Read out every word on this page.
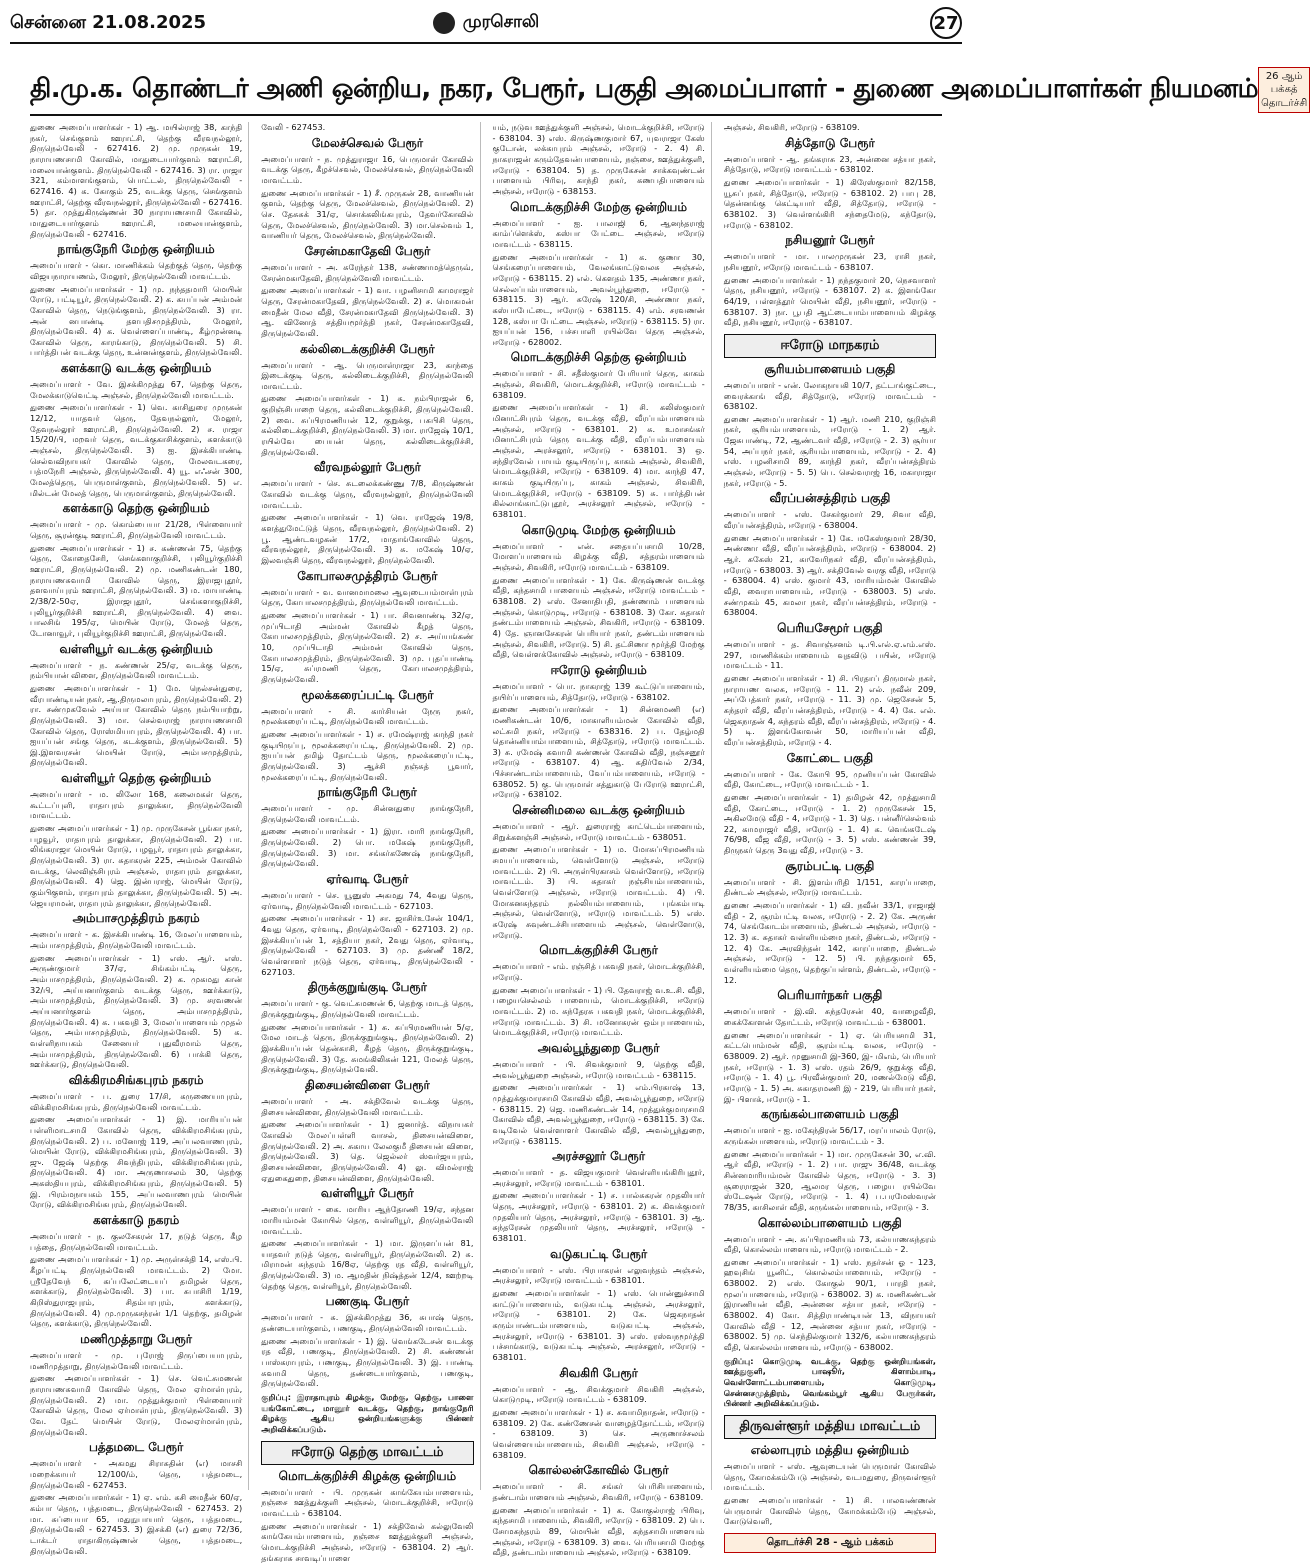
சென்னை 21.08.2025	முரசொலி	27
தி.மு.க. தொண்டர் அணி ஒன்றிய, நகர, பேரூர், பகுதி அமைப்பாளர் - துணை அமைப்பாளர்கள் நியமனம் 26 ஆம் பக்கத் தொடர்ச்சி
துணை அமைப்பாளர்கள் - 1) ஆ. மயில்ராஜ் 38, காந்தி நகர், செங்குளம் ஊராட்சி, தெற்கு வீரவநல்லூர், திருநெல்வேலி - 627416. 2) மு. முருகன் 19, நாராயணசாமி கோவில், மாதுடையார்குளம் ஊராட்சி, மலையான்குளம். திருநெல்வேலி - 627416. 3) ரா. ராஜா 321, கம்மாளங்குளம், பொட்டல், திருநெல்வேலி - 627416. 4) க. கோகும் 25, வடக்கு தெரு, செங்குளம் ஊராட்சி, தெற்கு வீரவநல்லூர், திருநெல்வேலி - 627416. 5) தா. முத்துகிருஷ்ணன் 30 நாராயணசாமி கோவில், மாதுடையார்குளம் ஊராட்சி, மலையான்குளம், திருநெல்வேலி - 627416.
நாங்குநேரி மேற்கு ஒன்றியம்
அமைப்பாளர் - கொ. மாணிக்கம் தெற்குத் தெரு, தெற்கு விஜயநாராயணம், மேலூர், திருநெல்வேலி மாவட்டம்.
துணை அமைப்பாளர்கள் - 1) மு. நந்ததமாரி மெயின் ரோடு, பட்டியூர், திருநெல்வேலி. 2) க. கயப்பன் அம்மன் கோவில் தெரு, நெடுங்குளம், திருநெல்வேலி. 3) ரா. அன் னபாண்டி தளபதிசமுத்திரம், மேலூர், திருநெல்வேலி. 4) க. வெள்ளைப்பாண்டி, கீழ்முன்னடி கோவில் தெரு, காரங்காடு, திருநெல்வேலி. 5) சி. பார்த்திபன் வடக்கு தெரு, உன்னன்குளம், திருநெல்வேலி.
களக்காடு வடக்கு ஒன்றியம்
அமைப்பாளர் - வே. இசக்கிமுத்து 67, தெற்கு தெரு, மேலக்காடுவெட்டி அஞ்சல், திருநெல்வேலி மாவட்டம்.
துணை அமைப்பாளர்கள் - 1) வெ. காசிதுரை முருகன் 12/12, யாதவர் தெரு, தேவநல்லூர், மேலூர், தேவநல்லூர் ஊராட்சி, திருநெல்வேலி. 2) ச. ராஜா 15/20/பி, மறவர் தெரு, வடக்குகாசிக்குளம், களக்காடு அஞ்சல், திருநெல்வேலி. 3) ஐ. இசக்கிபாண்டி செல்வவிநாயகர் கோவில் தெரு, மேலவடகரை, பத்மநேரி அஞ்சல், திருநெல்வேலி. 4) யூ. எஃசன் 300, மேலத்தெரு, பெருமாள்குளம், திருநெல்வேலி. 5) எ. மில்டன் மேலத் தெரு, பெருமாள்குளம், திருநெல்வேலி.
களக்காடு தெற்கு ஒன்றியம்
அமைப்பாளர் - மு. கொம்பையா 21/28, பிள்ளையார் தெரு, சூரன்குடி ஊராட்சி, திருநெல்வேலி மாவட்டம்.
துணை அமைப்பாளர்கள் - 1) ச. கண்ணன் 75, தெற்கு தெரு, கோதைசேரி, செங்களாகுறிச்சி, புலியூர்குறிச்சி ஊராட்சி, திருநெல்வேலி. 2) மு. மணிகண்டன் 180, நாராயணசுவாமி கோவில் தெரு, இராஜபுதூர், தளவாய்புரம் ஊராட்சி, திருநெல்வேலி. 3) ம. மாயாண்டி 2/38/2-50ஏ, இராஜபுதூர், செங்களாகுறிச்சி, புலியூர்குறிச்சி ஊராட்சி, திருநெல்வேலி. 4) வை. பாலசிங் 195/ஏ, மெயின் ரோடு, மேலத் தெரு, டோனாவூர், புலியூர்குறிச்சி ஊராட்சி, திருநெல்வேலி.
வள்ளியூர் வடக்கு ஒன்றியம்
அமைப்பாளர் - ந. கண்ணன் 25/ஏ, வடக்கு தெரு, நம்பியான் விளை, திருநெல்வேலி மாவட்டம்.
துணை அமைப்பாளர்கள் - 1) மே. நெல்சன்துரை, வீரபாண்டியன் நகர், ஆ.திருமலாபுரம், திருநெல்வேலி. 2) ரா. சண்முகவேல் அய்யா கோவில் தெரு நம்பியாற்று, திருநெல்வேலி. 3) மா. செல்வராஜ் நாராயணசாமி கோவில் தெரு, ரோஸ்மியாபுரம், திருநெல்வேலி. 4) பா. ஐயப்பன் சங்கு தெரு, கடக்குளம், திருநெல்வேலி. 5) இ.இளவரசன் மெயின் ரோடு, அம்பசமுத்திரம், திருநெல்வேலி.
வள்ளியூர் தெற்கு ஒன்றியம்
அமைப்பாளர் - ம. லிலோ 168, கலைமகள் தெரு, கூட்டப்புளி, ராதாபுரம் தாலுக்கா, திருநெல்வேலி மாவட்டம்.
துணை அமைப்பாளர்கள் - 1) மு. முருகேசன் பூங்கா நகர், பழவூர், ராதாபுரம் தாலுக்கா, திருநெல்வேலி. 2) பா. லிங்கராஜா மெயின் ரோடு, பழவூர், ராதாபுரம் தாலுக்கா, திருநெல்வேலி. 3) ரா. சுதாகரன் 225, அம்மன் கோவில் வடக்கு, லெவிஞ்சிபுரம் அஞ்சல், ராதாபுரம் தாலுக்கா, திருநெல்வேலி. 4) ஜெ. இன்பராஜ், மெயின் ரோடு, கும்பிகுளம், ராதாபுரம் தாலுக்கா, திருநெல்வேலி. 5) அ. ஜெயராமன், ராதாபுரம் தாலுக்கா, திருநெல்வேலி.
அம்பாசமுத்திரம் நகரம்
அமைப்பாளர் - க. இசக்கிபாண்டி 16, மேலப்பாளையம், அம்பாசமுத்திரம், திருநெல்வேலி மாவட்டம்.
துணை அமைப்பாளர்கள் - 1) எஸ். ஆர். எஸ். அருண்குமார் 37/ஏ, சிங்கம்பட்டி தெரு, அம்பாசமுத்திரம், திருநெல்வேலி. 2) க. முகமது கான் 32/பி, அய்யனார்குளம் வடக்கு தெரு, ஊர்க்காடு, அம்பாசமுத்திரம், திருநெல்வேலி. 3) மு. சரவணன் அய்யனார்குளம் தெரு, அம்பாசமுத்திரம், திருநெல்வேலி. 4) க. பகவதி 3, மேலப்பாளையம் முதல் தெரு, அம்பாசமுத்திரம், திருநெல்வேலி. 5) க. வள்ளிநாயகம் சேனையர் புதுவீரமாம் தெரு, அம்பாசமுத்திரம், திருநெல்வேலி. 6) பாக்கி தெரு, ஊர்க்காடு, திருநெல்வேலி.
விக்கிரமசிங்கபுரம் நகரம்
அமைப்பாளர் - ப. துரை 17/சி, கருணையாபுரம், விக்கிரமசிங்கபுரம், திருநெல்வேலி மாவட்டம்.
துணை அமைப்பாளர்கள் - 1) இ. மாரியப்பன் பள்ளிமாடசாமி கோவில் தெரு, விக்கிரமசிங்கபுரம், திருநெல்வேலி. 2) ப. மனோஜ் 119, அப்பலவாணபுரம், மெயின் ரோடு, விக்கிரமசிங்கபுரம், திருநெல்வேலி. 3) ஜு. ஜேஷ் தெற்கு சிவந்திபுரம், விக்கிரமசிங்கபுரம், திருநெல்வேலி. 4) மா. அருணாசலம் 30, தெற்கு அகஸ்தியபுரம், விக்கிரமசிங்கபுரம், திருநெல்வேலி. 5) இ. பிரம்மநாயகம் 155, அப்பலவாணபுரம் மெயின் ரோடு, விக்கிரமசிங்கபுரம், திருநெல்வேலி.
களக்காடு நகரம்
அமைப்பாளர் - ந. குலசேகரன் 17, நடுத் தெரு, கீழ பத்தை, திருநெல்வேலி மாவட்டம்.
துணை அமைப்பாளர்கள் - 1) மு. அருள்சக்தி 14, எஸ்.பி. கீழப்பட்டி திருநெல்வேலி மாவட்டம். 2) மோ. ஸ்ரீதேவேந் 6, கப்பலேட்டையப் தமிழன் தெரு, களக்காடு, திருநெல்வேலி. 3) பா. சுபாசிரி 1/19, கிறிஸ்துராஜபுரம், சிதம்பரபுரம், களக்காடு, திருநெல்வேலி. 4) மு.முருகசந்ரன் 1/1 தெற்கு, தமிழன் தெரு, களக்காடு, திருநெல்வேலி.
மணிமுத்தாறு பேரூர்
அமைப்பாளர் - மு. புரோஜ் திருப்பையாபுரம், மணிமுத்தாறு, திருநெல்வேலி மாவட்டம்.
துணை அமைப்பாளர்கள் - 1) செ. வெட்சுமணன் நாராயணசுவாமி கோவில் தெரு, மேல ஏர்மாள்புரம், திருநெல்வேலி. 2) மா. முத்துக்குமார் பிள்ளையார் கோவில் தெரு, மேல ஏர்மாள்புரம், திருநெல்வேலி. 3) வே. தேட் மெயின் ரோடு, மேலஏர்மாள்புரம், திருநெல்வேலி.
பத்தமடை பேரூர்
அமைப்பாளர் - அகமது சிராசுதின் (எ) மாசசி மறைக்காயர் 12/100/ம், தெரு, பத்தமடை, திருநெல்வேலி - 627453.
துணை அமைப்பாளர்கள் - 1) ஏ. எம். கசி மைதீன் 60/ஏ, கம்பா தெரு, பத்தமடை, திருநெல்வேலி - 627453. 2) மா. சுப்பையா 65, மதுநுபாயார் தெரு, பத்தமடை, திருநெல்வேலி - 627453. 3) இசக்கி (எ) துரை 72/36, டாக்டர் ராதாகிருஷ்ணன் தெரு, பத்தமடை, திருநெல்வேலி.
வேலி - 627453.
மேலச்செவல் பேரூர்
அமைப்பாளர் - ந. முத்துராஜா 16, பெருமாள் கோவில் வடக்கு தெரு, கீழச்செவல், மேலச்செவல், திருநெல்வேலி மாவட்டம்.
துணை அமைப்பாளர்கள் - 1) சீ. முருகன் 28, வாணியன் குளம், தெற்கு தெரு, மேலச்செவல், திருநெல்வேலி. 2) செ. தேசுசுக் 31/ஏ, சொக்கலிங்கபுரம், தேவர்கோவில் தெரு, மேலச்செவல், திருநெல்வேலி. 3) மா.செல்வம் 1, வாணியர் தெரு, மேலச்செவல், திருநெல்வேலி.
சேரன்மகாதேவி பேரூர்
அமைப்பாளர் - அ. சுரேந்தர் 138, சண்ணாமத்தெருவ், சேரன்மகாதேவி, திருநெல்வேலி மாவட்டம்.
துணை அமைப்பாளர்கள் - 1) வா. பழனிசாமி காமராஜர் தெரு, சேரன்மகாதேவி, திருநெல்வேலி. 2) ச. மொகமன் மைதீன் மேல வீதி, சேரன்மகாதேவி திருநெல்வேலி. 3) ஆ. வினோத் சத்தியமூர்த்தி நகர், சேரன்மகாதேவி, திருநெல்வேலி.
கல்லிடைக்குறிச்சி பேரூர்
அமைப்பாளர் - ஆ. பெருமாள்ராஜா 23, காந்தை இடைக்குடி தெரு, கல்லிடைக்குறிச்சி, திருநெல்வேலி மாவட்டம்.
துணை அமைப்பாளர்கள் - 1) க. நம்பிராஜன் 6, குறிஞ்சிபாறை தெரு, கல்லிடைக்குறிச்சி, திருநெல்வேலி. 2) வை. சுப்பிரமணியன் 12, குறுக்கு, பசுபிசி தெரு, கல்லிடைக்குறிச்சி, திருநெல்வேலி. 3) மா. ராஜேஷ் 10/1, ரயில்வே பையன் தெரு, கல்லிடைக்குறிச்சி, திருநெல்வேலி.
வீரவநல்லூர் பேரூர்
அமைப்பாளர் - செ. சுடலைக்கண்ணு 7/8, கிருஷ்ணன் கோவில் வடக்கு தெரு, வீரவநல்லூர், திருநெல்வேலி மாவட்டம்.
துணை அமைப்பாளர்கள் - 1) வெ. ராஜேஷ் 19/8, களத்துமேட்டுத் தெரு, வீரவநல்லூர், திருநெல்வேலி. 2) பூ. ஆண்டவழகன் 17/2, மாதாங்கோவில் தெரு, வீரவநல்லூர், திருநெல்வேலி. 3) சு. மகேஷ் 10/ஏ, இலவஞ்சி தெரு, வீரவநல்லூர், திருநெல்வேலி.
கோபாலசமுத்திரம் பேரூர்
அமைப்பாளர் - வ. வானமாமலை ஆவுடையம்மாள்புரம் தெரு, கோபாலசமுத்திரம், திருநெல்வேலி மாவட்டம்.
துணை அமைப்பாளர்கள் - 1) பா. சிவனாண்டி 32/ஏ, முப்பிடாதி அம்மன் கோவில் கீழத் தெரு, கோபாலசமுத்திரம், திருநெல்வேலி. 2) ச. அய்யங்கண் 10, முப்பிடாதி அம்மன் கோவில் தெரு, கோபாலசமுத்திரம், திருநெல்வேலி. 3) மு. புதப்பாண்டி 15/ஏ, சுப்ரமணி தெரு, கோபாலசமுத்திரம், திருநெல்வேலி.
மூலக்கரைப்பட்டி பேரூர்
அமைப்பாளர் - சி. கார்சியன் நேரு நகர், மூலக்கரைப்பட்டி, திருநெல்வேலி மாவட்டம்.
துணை அமைப்பாளர்கள் - 1) ச. ரமேஷ்ராஜ் காந்தி நகர் குடியிருப்பு, மூலக்கரைப்பட்டி, திருநெல்வேலி. 2) மு. ஐயப்பன் தமிழ் தோட்டம் தெரு, மூலக்கரைப்பட்டி, திருநெல்வேலி. 3) ஆச்சி நஞ்சுத் பூவார், மூலக்கரைப்பட்டி, திருநெல்வேலி.
நாங்குநேரி பேரூர்
அமைப்பாளர் - மு. சின்னதுரை நாங்குநேரி, திருநெல்வேலி மாவட்டம்.
துணை அமைப்பாளர்கள் - 1) இரா. மாரி நாங்குநேரி, திருநெல்வேலி. 2) பொ. மகேஷ் நாங்குநேரி, திருநெல்வேலி. 3) மா. சங்கர்கணேஷ் நாங்குநேரி, திருநெல்வேலி.
ஏர்வாடி பேரூர்
அமைப்பாளர் - செ. யூனுஸ் அகமது 74, 4வது தெரு, ஏர்வாடி, திருநெல்வேலி மாவட்டம் - 627103.
துணை அமைப்பாளர்கள் - 1) சா. ஜாசிர்உசேன் 104/1, 4வது தெரு, ஏர்வாடி, திருநெல்வேலி - 627103. 2) மு. இசக்கியப்பன் 1, சத்தியா நகர், 2வது தெரு, ஏர்வாடி, திருநெல்வேலி - 627103. 3) மு. தண்ணீ 18/2, வெள்ளாளர் நடுத் தெரு, ஏர்வாடி, திருநெல்வேலி - 627103.
திருக்குறுங்குடி பேரூர்
அமைப்பாளர் - கு. வெட்சுமணன் 6, தெற்கு மாடத் தெரு, திருக்குறுங்குடி, திருநெல்வேலி மாவட்டம்.
துணை அமைப்பாளர்கள் - 1) சு. சுப்பிரமணியன் 5/ஏ, மேல மாடத் தெரு, திருக்குறுங்குடி, திருநெல்வேலி. 2) இசக்கியப்பன் தென்காசி, கீழத் தெரு, திருக்குறுங்குடி, திருநெல்வேலி. 3) தே. சுமங்கிலிகன் 121, மேலத் தெரு, திருக்குறுங்குடி, திருநெல்வேலி.
திசையன்விளை பேரூர்
அமைப்பாளர் - அ. சக்திவேல் வடக்கு தெரு, திசையன்விளை, திருநெல்வேலி மாவட்டம்.
துணை அமைப்பாளர்கள் - 1) ஜனார்த். விநாயகர் கோவில் மேலப்பள்ளி வாசல், திசையன்விளை, திருநெல்வேலி. 2) அ. சுகாய லேலகுமீ திசையன் விளை, திருநெல்வேலி. 3) தெ. ஜெல்லர் ஸ்வர்ஜயபுரம், திசையன்விளை, திருநெல்வேலி. 4) லு. விமல்ராஜ் ஏதுகைதுறை, திசையன்விளை, திருநெல்வேலி.
வள்ளியூர் பேரூர்
அமைப்பாளர் - கை. மாரிய ஆந்தோணி 19/ஏ, சந்தன மாரியம்மன் கோயில் தெரு, வள்ளியூர், திருநெல்வேலி மாவட்டம்.
துணை அமைப்பாளர்கள் - 1) மா. இருளப்பன் 81, யாதவர் நடுத் தெரு, வள்ளியூர், திருநெல்வேலி. 2) சு. மிராமன் சுந்தரம் 16/8ஏ, தெற்கு ரத வீதி, வள்ளியூர், திருநெல்வேலி. 3) ம. ஆமதின் நிஷ்த்தன் 12/4, ஊற்றடி தெற்கு தெரு, வள்ளியூர், திருநெல்வேலி.
பணகுடி பேரூர்
அமைப்பாளர் - சு. இசக்கிமுத்து 36, சுபாஷ் தெரு, தண்டையார்குளம், பணகுடி, திருநெல்வேலி மாவட்டம்.
துணை அமைப்பாளர்கள் - 1) இ. வெங்கடேசன் வடக்கு ரத வீதி, பணகுடி, திருநெல்வேலி. 2) சி. கண்ணன் பாஸ்கராபுரம், பணகுடி, திருநெல்வேலி. 3) இ. பாண்டி சுவாமி தெரு, தண்டையார்குளம், பணகுடி, திருநெல்வேலி.
குறிப்பு: இராதாபுரம் கிழக்கு, மேற்கு, தெற்கு, பாளை யங்கோட்டை, மானூர் வடக்கு, தெற்கு, நாங்குநேரி கிழக்கு ஆகிய ஒன்றியங்களுக்கு பின்னர் அறிவிக்கப்படும்.
ஈரோடு தெற்கு மாவட்டம்
மொடக்குறிச்சி கிழக்கு ஒன்றியம்
அமைப்பாளர் - பி. முருகன் காங்கேயம்பாளையம், நஞ்சை ஊத்துக்குளி அஞ்சல், மொடக்குறிச்சி, ஈரோடு மாவட்டம் - 638104.
துணை அமைப்பாளர்கள் - 1) சக்திவேல் கல்லுவேலி காங்கேயம்பாளையம், நஞ்சை ஊத்துக்குளி அஞ்சல், மொடக்குறிச்சி அஞ்சல், ஈரோடு - 638104. 2) ஆர். தங்கராசு சாவடிப்பாளை
யம், நடுவ ஊத்துக்குளி அஞ்சல், மொடக்குறிச்சி, ஈரோடு - 638104. 3) எஸ். கிருஷ்ணகுமார் 67, யுவராஜா கேஸ் குடோன், லக்காபுரம் அஞ்சல், ஈரோடு - 2. 4) சி. நாகராஜன் கரும்தேவன்பாளையம், நஞ்சை, ஊத்துக்குளி, ஈரோடு - 638104. 5) த. முருகேசன் சாக்கவுண்டன் பாளையம் பிரிவு, காந்தி நகர், கணபதிபாளையம் அஞ்சல், ஈரோடு - 638153.
மொடக்குறிச்சி மேற்கு ஒன்றியம்
அமைப்பாளர் - ஐ. பாலாஜி 6, ஆனந்தராஜ் காம்ப்ளெக்ஸ், கஸ்பா பேட்டை அஞ்சல், ஈரோடு மாவட்டம் - 638115.
துணை அமைப்பாளர்கள் - 1) க. குணா 30, செங்கரைப்பாளையம், வேலங்காட்டுவலசு அஞ்சல், ஈரோடு - 638115. 2) எல். கௌதம் 135, அண்ணா நகர், செல்லப்பம்பாளையம், அவல்பூந்துறை, ஈரோடு - 638115. 3) ஆர். சுரேஷ் 120/சி, அண்ணா நகர், கஸ்பாபேட்டை, ஈரோடு - 638115. 4) எம். சரவணன் 128, கஸ்பா பேட்டை அஞ்சல், ஈரோடு - 638115. 5) ரா. ஐயப்பன் 156, பச்சபாளி ரயில்வே தெரு அஞ்சல், ஈரோடு - 628002.
மொடக்குறிச்சி தெற்கு ஒன்றியம்
அமைப்பாளர் - சி. சதீஸ்குமார் பேரியார் தெரு, காகம் அஞ்சல், சிவகிரி, மொடக்குறிச்சி, ஈரோடு மாவட்டம் - 638109.
துணை அமைப்பாளர்கள் - 1) சி. கலிஸ்குமார் மினாட்சிபுரம் தெரு, வடக்கு வீதி, வீரப்பம்பாளையம் அஞ்சல், ஈரோடு - 638101. 2) சு. உமாசங்கர் மினாட்சிபுரம் தெரு வடக்கு வீதி, வீரப்பம்பாளையம் அஞ்சல், அரச்சலூர், ஈரோடு - 638101. 3) ஒ. சந்திரவேல் பாயம் குடியிருப்பு, காகம் அஞ்சல், சிவகிரி, மொடக்குறிச்சி, ஈரோடு - 638109. 4) மா. காந்தி 47, காகம் குடியிருப்பு, காகம் அஞ்சல், சிவகிரி, மொடக்குறிச்சி, ஈரோடு - 638109. 5) சு. பார்த்திபன் கில்லாங்காட்டுபுதூர், அரச்சலூர் அஞ்சல், ஈரோடு - 638101.
கொடுமுடி மேற்கு ஒன்றியம்
அமைப்பாளர் - என். சதையப்பசாமி 10/28, மோளப்பாளையம் கிழக்கு வீதி, சத்தரம்பாளையம் அஞ்சல், சிவகிரி, ஈரோடு மாவட்டம் - 638109.
துணை அமைப்பாளர்கள் - 1) கே. கிருஷ்ணன் வடக்கு வீதி, கந்தசாமி பாளையம் அஞ்சல், ஈரோடு மாவட்டம் - 638108. 2) எஸ். சேனாதிபதி, தண்ணாம் பாளையம் அஞ்சல், கொடுமுடி, ஈரோடு - 638108. 3) கோ. சுதாகர் தண்டம்பாளையம் அஞ்சல், சிவகிரி, ஈரோடு - 638109. 4) தே. ஞானசேகரன் பெரியார் நகர், தண்டம்பாளையம் அஞ்சல், சிவகிரி, ஈரோடு. 5) சி. தட்சிணா மூர்த்தி மேற்கு வீதி, வெள்ளக்கோவில் அஞ்சல், ஈரோடு - 638109.
ஈரோடு ஒன்றியம்
அமைப்பாளர் - பொ. நாகராஜ் 139 கூட்டுப்பாளையம், தயிர்ப்பாளையம், சித்தோடு, ஈரோடு - 638102.
துணை அமைப்பாளர்கள் - 1) சின்னமணி (எ) மணிகண்டன் 10/6, மாகாளியம்மன் கோவில் வீதி, லட்சுமி நகர், ஈரோடு - 638316. 2) ப. தேழ்மதி தொன்னியாம்பாளையம், சித்தோடு, ஈரோடு மாவட்டம். 3) சு. ரமேஷ் சுவாமி கண்ணன் கோவில் வீதி, நஞ்சனூர் ஈரோடு - 638107. 4) ஆ. கதிர்வேல் 2/34, பிச்சாண்டாம்பாளையம், வேப்பம்பாளையம், ஈரோடு - 638052. 5) கு. பெருமாள் சத்துகாடு பேரோடு ஊராட்சி, ஈரோடு - 638102.
சென்னிமலை வடக்கு ஒன்றியம்
அமைப்பாளர் - ஆர். துரைராஜ் காட்டெம்பாளையம், சிறுக்களஞ்சி அஞ்சல், ஈரோடு மாவட்டம் - 638051.
துணை அமைப்பாளர்கள் - 1) ம. மோசுப்பிரமணியம் சமயப்பாளையம், வெள்ளோடு அஞ்சல், ஈரோடு மாவட்டம். 2) பி. அருள்பிரகாசம் வெள்ளோடு, ஈரோடு மாவட்டம். 3) பி. சுதாகர் நஞ்சியம்பாளையம், வெள்ளோடு அஞ்சல், ஈரோடு மாவட்டம். 4) பி. மோகனசுந்தரம் நல்லியம்பாளையம், புங்கம்பாடி அஞ்சல், வெள்ளோடு, ஈரோடு மாவட்டம். 5) எஸ். சுரேஷ் சுவுண்டச்சிபாளையம் அஞ்சல், வெள்ளோடு, ஈரோடு.
மொடக்குறிச்சி பேரூர்
அமைப்பாளர் - எம். ரஞ்சித் பகவதி நகர், மொடக்குறிச்சி, ஈரோடு.
துணை அமைப்பாளர்கள் - 1) பி. தேவராஜ் வ.உ.சி. வீதி, பழையசெல்லம் பாளையம், மொடக்குறிச்சி, ஈரோடு மாவட்டம். 2) ம. சுந்தேரசு பகவதி நகர், மொடக்குறிச்சி, ஈரோடு மாவட்டம். 3) சி. மனோகரன் ஒம்புபாளையம், மொடக்குறிச்சி, ஈரோடு மாவட்டம்.
அவல்பூந்துறை பேரூர்
அமைப்பாளர் - பி. சிவக்குமார் 9, தெற்கு வீதி, அவல்பூந்துறை அஞ்சல், ஈரோடு மாவட்டம் - 638115.
துணை அமைப்பாளர்கள் - 1) எம்.பிரகாஷ் 13, முத்துக்குமாரசாமி கோவில் வீதி, அவல்பூந்துறை, ஈரோடு - 638115. 2) ஜெ. மணிகண்டன் 14, முத்துக்குமாரசாமி கோவில் வீதி, அவல்பூந்துறை, ஈரோடு - 638115. 3) கே. வடிவேல் வெள்ளாளர் கோவில் வீதி, அவல்பூந்துறை, ஈரோடு - 638115.
அரச்சலூர் பேரூர்
அமைப்பாளர் - த. விஜயகுமார் வெள்ளியங்கிரிபுதூர், அரச்சலூர், ஈரோடு மாவட்டம் - 638101.
துணை அமைப்பாளர்கள் - 1) ச. பால்சுகரன் முதலியார் தெரு, அரச்சலூர், ஈரோடு - 638101. 2) க. கிவக்குமார் முதலியார் தெரு, அரச்சலூர், ஈரோடு - 638101. 3) ஆ. சுந்தரேசன் முதலியார் தெரு, அரச்சலூர், ஈரோடு - 638101.
வடுகபட்டி பேரூர்
அமைப்பாளர் - எஸ். பிரபாகரன் எலுவந்தம் அஞ்சல், அரச்சலூர், ஈரோடு மாவட்டம் - 638101.
துணை அமைப்பாளர்கள் - 1) எஸ். பொன்னுச்சாமி காட்டுப்பாளையம், வடுகபட்டி அஞ்சல், அரச்சலூர், ஈரோடு - 638101. 2) கே. ஜெகநாதன் கரும்பாண்டம்பாளையம், வடுகபட்டி அஞ்சல், அரச்சலூர், ஈரோடு - 638101. 3) எஸ். ரஸ்வநமூர்த்தி பச்சாங்காடு, வடுகபட்டி அஞ்சல், அரச்சலூர், ஈரோடு - 638101.
சிவகிரி பேரூர்
அமைப்பாளர் - ஆ. சிவக்குமார் சிவகிரி அஞ்சல், கொடுமுடி, ஈரோடு மாவட்டம் - 638109.
துணை அமைப்பாளர்கள் - 1) ச. சுவாமிநாதன், ஈரோடு - 638109. 2) கே. கண்ணேசன் வாழைத்தோட்டம், ஈரோடு - 638109. 3) செ. அருணாச்சலம் வெள்ளையம்பாளையம், சிவகிரி அஞ்சல், ஈரோடு - 638109.
கொல்லன்கோவில் பேரூர்
அமைப்பாளர் - சி. சங்கர் பெரிசிபாளையம், தண்டாம்பாளையம் அஞ்சல், சிவகிரி, ஈரோடு - 638109.
துணை அமைப்பாளர்கள் - 1) க. கோகுல்ராஜ் பிரிவு, கந்தசாமி பாளையம், சிவகிரி, ஈரோடு - 638109. 2) பெ. சோமசுந்தரம் 89, மெயின் வீதி, கந்தசாமிபாளையம் அஞ்சல், ஈரோடு - 638109. 3) வை. பெரியசாமி மேற்கு வீதி, தண்டாம்பாளையம் அஞ்சல், ஈரோடு - 638109.
அஞ்சல், சிவகிரி, ஈரோடு - 638109.
சித்தோடு பேரூர்
அமைப்பாளர் - ஆ. தங்கராசு 23, அன்னை சத்யா நகர், சித்தோடு, ஈரோடு மாவட்டம் - 638102.
துணை அமைப்பாளர்கள் - 1) கிரேஸ்குமார் 82/158, யூசுப் நகர், சித்தோடு, ஈரோடு - 638102. 2) பாபு 28, தென்னங்கு கெட்டியார் வீதி, சித்தோடு, ஈரோடு - 638102. 3) வெள்ளங்கிரி சந்தைமேடு, கந்தோடு, ஈரோடு - 638102.
நசியனூர் பேரூர்
அமைப்பாளர் - மா. பாலமுருகன் 23, ராசி நகர், நசியனூர், ஈரோடு மாவட்டம் - 638107.
துணை அமைப்பாளர்கள் - 1) நந்தகுமார் 20, நெசவாளர் தெரு, நசியனூர், ஈரோடு - 638107. 2) க. இளங்கோ 64/19, பள்ளத்தூர் மெயின் வீதி, நசியனூர், ஈரோடு - 638107. 3) நா. பூபதி ஆட்டையாம்பாளையம் கிழக்கு வீதி, நசியனூர், ஈரோடு - 638107.
ஈரோடு மாநகரம்
சூரியம்பாளையம் பகுதி
அமைப்பாளர் - என். லோகநாயகி 10/7, தட்டாங்குட்டை, வைரக்காங் வீதி, சித்தோடு, ஈரோடு மாவட்டம் - 638102.
துணை அமைப்பாளர்கள் - 1) ஆர். மணி 210, குறிஞ்சி நகர், சூரியம்பாளையம், ஈரோடு - 1. 2) ஆர். ஜேசுபாண்டி, 72, ஆண்டவர் வீதி, ஈரோடு - 2. 3) சூர்யா 54, அப்பநர் நகர், சூரியம்பாளையம், ஈரோடு - 2. 4) எஸ். பழனிசாமி 89, காந்தி நகர், வீரப்பன்சத்திரம் அஞ்சல், ஈரோடு - 5. 5) பெ. செல்வராஜ் 16, மகாராஜா நகர், ஈரோடு - 5.
வீரப்பன்சத்திரம் பகுதி
அமைப்பாளர் - எஸ். சேகர்குமார் 29, சிவா வீதி, வீரப்பன்சத்திரம், ஈரோடு - 638004.
துணை அமைப்பாளர்கள் - 1) கே. மகேஸ்குமார் 28/30, அண்ணா வீதி, வீரப்பன்சத்திரம், ஈரோடு - 638004. 2) ஆர். சுகேஸ் 21, காவேரிநகர் வீதி, வீரப்பன்சத்திரம், ஈரோடு - 638003. 3) ஆர். சக்திவேல் வரகு வீதி, ஈரோடு - 638004. 4) எஸ். குமார் 43, மாரியம்மன் கோவில் வீதி, வைராபாளையம், ஈரோடு - 638003. 5) எஸ். சண்முகம் 45, கமலா நகர், வீரப்பன்சத்திரம், ஈரோடு - 638004.
பெரியசேமூர் பகுதி
அமைப்பாளர் - த. சிவாஞ்சனம் டி.பி.எல்.ஏ.எம்.எஸ். 297, மாணிக்கம்பாளையம் வுதவிடு பயின், ஈரோடு மாவட்டம் - 11.
துணை அமைப்பாளர்கள் - 1) சி. பிரதாப் திருமால் நகர், நாராயண வலசு, ஈரோடு - 11. 2) எல். நவீன் 209, அப்பேத்கார் நகர், ஈரோடு - 11. 3) மு. ஜெசேசன் 5, சுந்தரர் வீதி, வீரப்பன்சத்திரம், ஈரோடு - 4. 4) கே. எல். ஜெகநாதன் 4, சுந்தரம் வீதி, வீரப்பன்சத்திரம், ஈரோடு - 4. 5) டி. இளங்கோவன் 50, மாரியப்பன் வீதி, வீரப்பன்சத்திரம், ஈரோடு - 4.
கோட்டை பகுதி
அமைப்பாளர் - கே. கோபி 95, முனியப்பன் கோவில் வீதி, கோட்டை, ஈரோடு மாவட்டம் - 1.
துணை அமைப்பாளர்கள் - 1) தமிழன் 42, முத்துசாமி வீதி, கோட்டை, ஈரோடு - 1. 2) முருகேசன் 15, அகிலமேடு வீதி - 4, ஈரோடு - 1. 3) தெ. பன்னீர்செல்வம் 22, காமராஜர் வீதி, ஈரோடு - 1. 4) க. வெங்கடேஷ் 76/98, வீஜ வீதி, ஈரோடு - 3. 5) எஸ். கண்ணன் 39, திருநகர் தெரு 3வது வீதி, ஈரோடு - 3.
சூரம்பட்டி பகுதி
அமைப்பாளர் - சி. இளம்பரிதி 1/151, காரப்பாறை, திண்டல் அஞ்சல், ஈரோடு மாவட்டம்.
துணை அமைப்பாளர்கள் - 1) வி. நவீன் 33/1, ராஜாஜி வீதி - 2, சூரம்பட்டி வலசு, ஈரோடு - 2. 2) கே. அருண் 74, செங்கோடம்பாளையம், திண்டல் அஞ்சல், ஈரோடு - 12. 3) க. சுதாகர் வள்ளியம்மை நகர், திண்டல், ஈரோடு - 12. 4) கே. அரவிந்தன் 142, காரப்பாறை, திண்டல் அஞ்சல், ஈரோடு - 12. 5) பி. நந்தகுமார் 65, வள்ளியம்மை தெரு, தெற்குப்பள்ளம், திண்டல், ஈரோடு - 12.
பெரியார்நகர் பகுதி
அமைப்பாளர் - இ.வி. சுந்தரேசன் 40, வாழைவீதி, கைக்கோளன் தோட்டம், ஈரோடு மாவட்டம் - 638001.
துணை அமைப்பாளர்கள் - 1) ஏ. பெரியசாமி 31, கட்டபொம்மன் வீதி, சூரம்பட்டி வலசு, ஈரோடு - 638009. 2) ஆர். முனுசாமி இ-360, இ- மிஎம், பெரியார் நகர், ஈரோடு - 1. 3) எஸ். ரதம் 26/9, குறுக்கு வீதி, ஈரோடு - 1. 4) பூ. பிரவீன்குமார் 20, மணல்மேடு வீதி, ஈரோடு - 1. 5) அ. சுகாதரமணி இ - 219, பெரியார் நகர், இ- பிளாக், ஈரோடு - 1.
கருங்கல்பாளையம் பகுதி
அமைப்பாளர் - ஐ. மகேந்திரன் 56/17, மரப்பாலம் ரோடு, கருங்கல்பாளையம், ஈரோடு மாவட்டம் - 3.
துணை அமைப்பாளர்கள் - 1) மா. முருகேசன் 30, எ.வி. ஆர் வீதி, ஈரோடு - 1. 2) பா. ராஜு 36/48, வடக்கு சின்னமாரியம்மன் கோவில் தெரு, ஈரோடு - 3. 3) சூரைராஜன் 320, ஆலமர தெரு, பழைய ரயில்வே ஸ்டேஷன் ரோடு, ஈரோடு - 1. 4) ப.பரமேஸ்வரன் 78/35, காசிலாள் வீதி, கருங்கல்பாளையம், ஈரோடு - 3.
கொல்லம்பாளையம் பகுதி
அமைப்பாளர் - அ. சுப்பிரமணியம் 73, கல்யாணசுந்தரம் வீதி, கொல்லம்பாளையம், ஈரோடு மாவட்டம் - 2.
துணை அமைப்பாளர்கள் - 1) எஸ். நதர்சன் ஓ - 123, ஹவுசிங் யூனிட், கொல்லம்பாளையம், ஈரோடு - 638002. 2) எஸ். கோகுல் 90/1, பாரதி நகர், மூலப்பாளையம், ஈரோடு - 638002. 3) க. மணிகண்டன் இராணியன் வீதி, அன்னை சத்யா நகர், ஈரோடு - 638002. 4) கோ. சித்திரபாண்டியன் 13, விநாயகர் கோவில் வீதி - 12, அன்னை சத்யா நகர், ஈரோடு - 638002. 5) மு. செந்தில்குமார் 132/6, கல்யாணசுந்தரம் வீதி, கொல்லம்பாளையம், ஈரோடு - 638002.
குறிப்பு: கொடுமுடி வடக்கு, தெற்கு ஒன்றியங்கள், ஊத்துகுளி, பாஷூர், கிளாம்பாடி, வெள்ளோட்டம்பாளையம், கொடுமுடி, சென்னசமுத்திரம், வெங்கம்பூர் ஆகிய பேரூர்கள், பின்னர் அறிவிக்கப்படும்.
திருவள்ளூர் மத்திய மாவட்டம்
எல்லாபுரம் மத்திய ஒன்றியம்
அமைப்பாளர் - எஸ். ஆவுடையன் பெருமாள் கோவில் தெரு, கோமக்கம்பேடு அஞ்சல், வடமதுரை, திருவள்ளூர் மாவட்டம்.
துணை அமைப்பாளர்கள் - 1) சி. பாலவண்ணன் பெருமாள் கோவில் தெரு, கோமக்கம்பேடு அஞ்சல், கோடுவெளி,
தொடர்ச்சி 28 - ஆம் பக்கம்
